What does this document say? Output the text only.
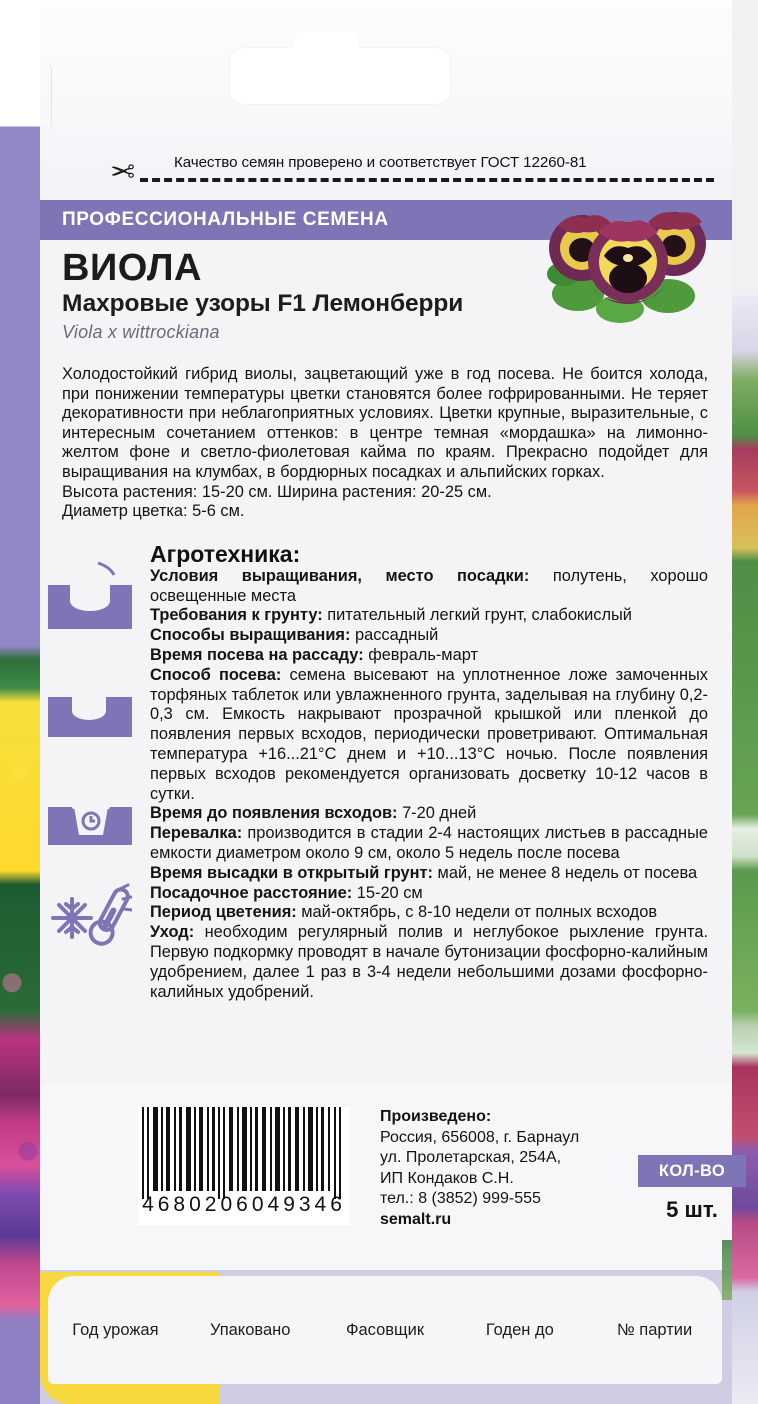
✂	Качество семян проверено и соответствует ГОСТ 12260-81
ПРОФЕССИОНАЛЬНЫЕ СЕМЕНА
ВИОЛА
Махровые узоры F1 Лемонберри
Viola x wittrockiana

Холодостойкий гибрид виолы, зацветающий уже в год посева. Не боится холода, при понижении температуры цветки становятся более гофрированными. Не теряет декоративности при неблагоприятных условиях. Цветки крупные, выразительные, с интересным сочетанием оттенков: в центре темная «мордашка» на лимонно-желтом фоне и светло-фиолетовая кайма по краям. Прекрасно подойдет для выращивания на клумбах, в бордюрных посадках и альпийских горках.

Высота растения: 15-20 см. Ширина растения: 20-25 см.

Диаметр цветка: 5-6 см.

Агротехника:

Условия выращивания, место посадки: полутень, хорошо освещенные места

Требования к грунту: питательный легкий грунт, слабокислый

Способы выращивания: рассадный

Время посева на рассаду: февраль-март

Способ посева: семена высевают на уплотненное ложе замоченных торфяных таблеток или увлажненного грунта, заделывая на глубину 0,2-0,3 см. Емкость накрывают прозрачной крышкой или пленкой до появления первых всходов, периодически проветривают. Оптимальная температура +16...21°C днем и +10...13°C ночью. После появления первых всходов рекомендуется организовать досветку 10-12 часов в сутки.

Время до появления всходов: 7-20 дней

Перевалка: производится в стадии 2-4 настоящих листьев в рассадные емкости диаметром около 9 см, около 5 недель после посева

Время высадки в открытый грунт: май, не менее 8 недель от посева

Посадочное расстояние: 15-20 см

Период цветения: май-октябрь, с 8-10 недели от полных всходов

Уход: необходим регулярный полив и неглубокое рыхление грунта. Первую подкормку проводят в начале бутонизации фосфорно-калийным удобрением, далее 1 раз в 3-4 недели небольшими дозами фосфорно-калийных удобрений.

4680206049346
Произведено:
Россия, 656008, г. Барнаул
ул. Пролетарская, 254А,
ИП Кондаков С.Н.
тел.: 8 (3852) 999-555
semalt.ru
КОЛ-ВО
5 шт.
Год урожая	Упаковано	Фасовщик	Годен до	№ партии
